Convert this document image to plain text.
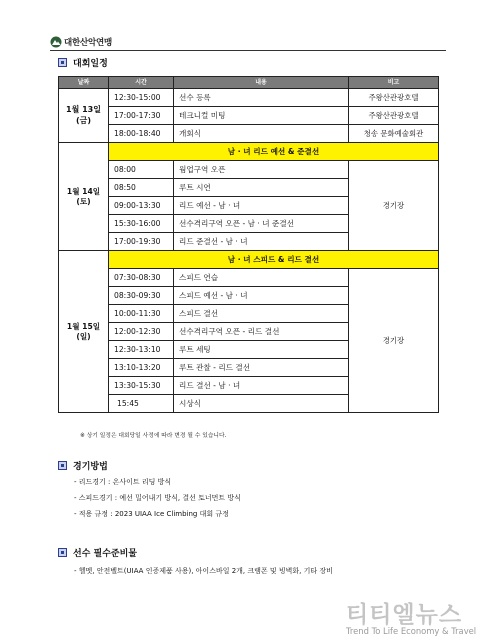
대한산악연맹
대회일정
날짜	시간	내용	비고
1월 13일
(금)	12:30-15:00	선수 등록	주왕산관광호텔
	17:00-17:30	테크니컬 미팅	주왕산관광호텔
	18:00-18:40	개회식	청송 문화예술회관
1월 14일
(토)	남 · 녀 리드 예선 & 준결선		
	08:00	웜업구역 오픈	경기장
	08:50	루트 시연	
	09:00-13:30	리드 예선 - 남 · 녀	
	15:30-16:00	선수격리구역 오픈 - 남 · 녀 준결선	
	17:00-19:30	리드 준결선 - 남 · 녀	
1월 15일
(일)	남 · 녀 스피드 & 리드 결선		
	07:30-08:30	스피드 연습	경기장
	08:30-09:30	스피드 예선 - 남 · 녀	
	10:00-11:30	스피드 결선	
	12:00-12:30	선수격리구역 오픈 - 리드 결선	
	12:30-13:10	루트 세팅	
	13:10-13:20	루트 관찰 - 리드 결선	
	13:30-15:30	리드 결선 - 남 · 녀	
	15:45	시상식	
※ 상기 일정은 대회당일 사정에 따라 변경 될 수 있습니다.
경기방법
- 리드경기 : 온사이트 리딩 방식
- 스피드경기 : 예선 밀어내기 방식, 결선 토너먼트 방식
- 적용 규정 : 2023 UIAA Ice Climbing 대회 규정
선수 필수준비물
- 헬멧, 안전벨트(UIAA 인증제품 사용), 아이스바일 2개, 크램폰 및 빙벽화, 기타 장비
티티엘뉴스
Trend To Life Economy & Travel
